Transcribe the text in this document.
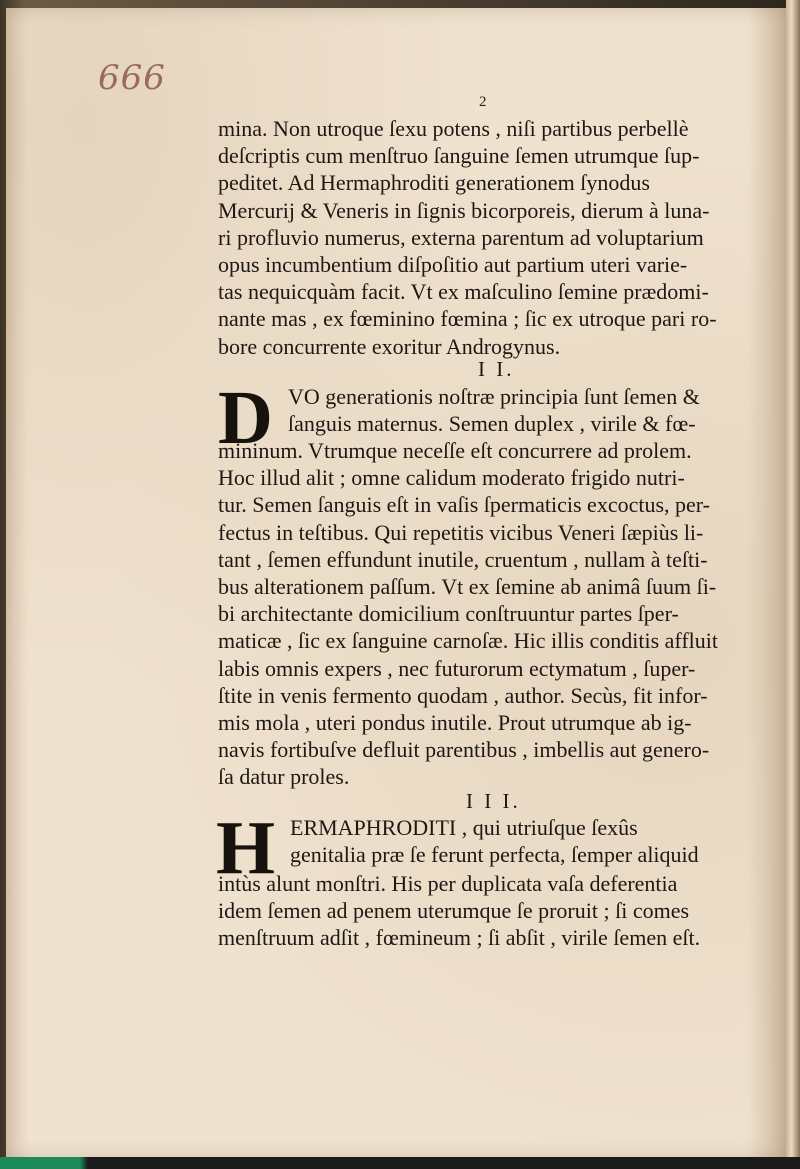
666
2
mina. Non utroque ſexu potens , niſi partibus perbellè
deſcriptis cum menſtruo ſanguine ſemen utrumque ſup-
peditet. Ad Hermaphroditi generationem ſynodus
Mercurij & Veneris in ſignis bicorporeis, dierum à luna-
ri profluvio numerus, externa parentum ad voluptarium
opus incumbentium diſpoſitio aut partium uteri varie-
tas nequicquàm facit. Vt ex maſculino ſemine prædomi-
nante mas , ex fœminino fœmina ; ſic ex utroque pari ro-
bore concurrente exoritur Androgynus.
I I.
D VO generationis noſtræ principia ſunt ſemen &
ſanguis maternus. Semen duplex , virile & fœ-
mininum. Vtrumque neceſſe eſt concurrere ad prolem.
Hoc illud alit ; omne calidum moderato frigido nutri-
tur. Semen ſanguis eſt in vaſis ſpermaticis excoctus, per-
fectus in teſtibus. Qui repetitis vicibus Veneri ſæpiùs li-
tant , ſemen effundunt inutile, cruentum , nullam à teſti-
bus alterationem paſſum. Vt ex ſemine ab animâ ſuum ſi-
bi architectante domicilium conſtruuntur partes ſper-
maticæ , ſic ex ſanguine carnoſæ. Hic illis conditis affluit
labis omnis expers , nec futurorum ectymatum , ſuper-
ſtite in venis fermento quodam , author. Secùs, fit infor-
mis mola , uteri pondus inutile. Prout utrumque ab ig-
navis fortibuſve defluit parentibus , imbellis aut genero-
ſa datur proles.
I I I.
H ERMAPHRODITI , qui utriuſque ſexûs
genitalia præ ſe ferunt perfecta, ſemper aliquid
intùs alunt monſtri. His per duplicata vaſa deferentia
idem ſemen ad penem uterumque ſe proruit ; ſi comes
menſtruum adſit , fœmineum ; ſi abſit , virile ſemen eſt.
